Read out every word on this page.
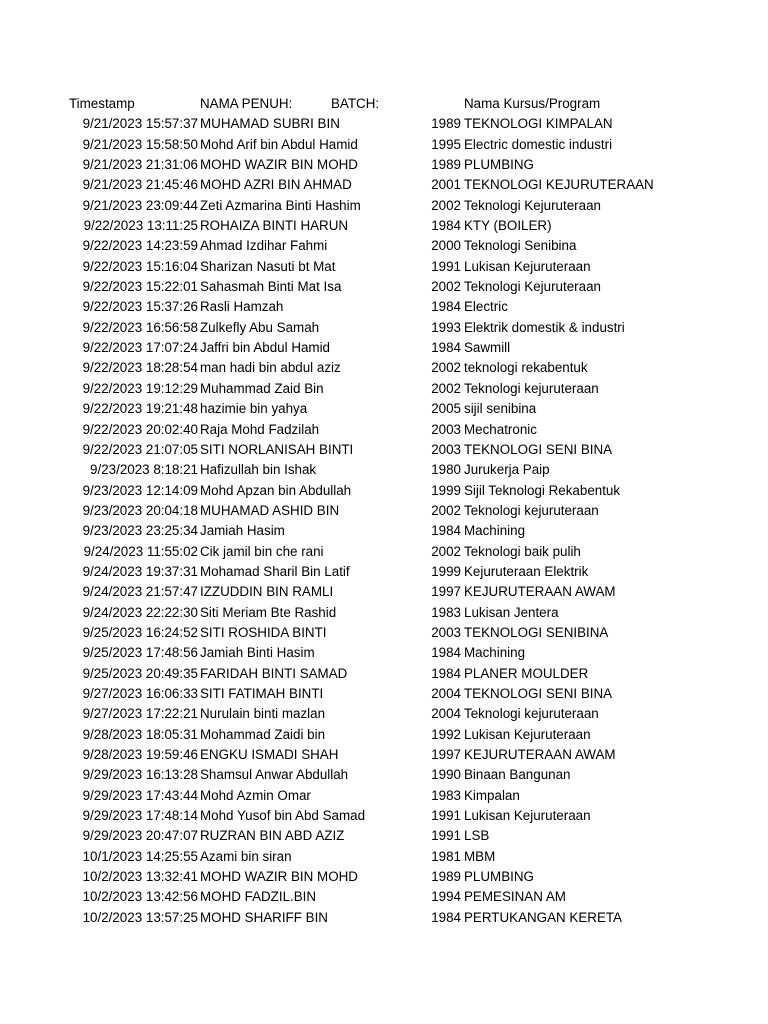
Timestamp	NAMA PENUH:	BATCH:	Nama Kursus/Program
9/21/2023 15:57:37 MUHAMAD SUBRI BIN	1989 TEKNOLOGI KIMPALAN
9/21/2023 15:58:50 Mohd Arif bin Abdul Hamid	1995 Electric domestic industri
9/21/2023 21:31:06 MOHD WAZIR BIN MOHD	1989 PLUMBING
9/21/2023 21:45:46 MOHD AZRI BIN AHMAD	2001 TEKNOLOGI KEJURUTERAAN
9/21/2023 23:09:44 Zeti Azmarina Binti Hashim	2002 Teknologi Kejuruteraan
9/22/2023 13:11:25 ROHAIZA BINTI HARUN	1984 KTY (BOILER)
9/22/2023 14:23:59 Ahmad Izdihar Fahmi	2000 Teknologi Senibina
9/22/2023 15:16:04 Sharizan Nasuti bt Mat	1991 Lukisan Kejuruteraan
9/22/2023 15:22:01 Sahasmah Binti Mat Isa	2002 Teknologi Kejuruteraan
9/22/2023 15:37:26 Rasli Hamzah	1984 Electric
9/22/2023 16:56:58 Zulkefly Abu Samah	1993 Elektrik domestik & industri
9/22/2023 17:07:24 Jaffri bin Abdul Hamid	1984 Sawmill
9/22/2023 18:28:54 man hadi bin abdul aziz	2002 teknologi rekabentuk
9/22/2023 19:12:29 Muhammad Zaid Bin	2002 Teknologi kejuruteraan
9/22/2023 19:21:48 hazimie bin yahya	2005 sijil senibina
9/22/2023 20:02:40 Raja Mohd Fadzilah	2003 Mechatronic
9/22/2023 21:07:05 SITI NORLANISAH BINTI	2003 TEKNOLOGI SENI BINA
9/23/2023 8:18:21 Hafizullah bin Ishak	1980 Jurukerja Paip
9/23/2023 12:14:09 Mohd Apzan bin Abdullah	1999 Sijil Teknologi Rekabentuk
9/23/2023 20:04:18 MUHAMAD ASHID BIN	2002 Teknologi kejuruteraan
9/23/2023 23:25:34 Jamiah Hasim	1984 Machining
9/24/2023 11:55:02 Cik jamil bin che rani	2002 Teknologi baik pulih
9/24/2023 19:37:31 Mohamad Sharil Bin Latif	1999 Kejuruteraan Elektrik
9/24/2023 21:57:47 IZZUDDIN BIN RAMLI	1997 KEJURUTERAAN AWAM
9/24/2023 22:22:30 Siti Meriam Bte Rashid	1983 Lukisan Jentera
9/25/2023 16:24:52 SITI ROSHIDA BINTI	2003 TEKNOLOGI SENIBINA
9/25/2023 17:48:56 Jamiah Binti Hasim	1984 Machining
9/25/2023 20:49:35 FARIDAH BINTI SAMAD	1984 PLANER MOULDER
9/27/2023 16:06:33 SITI FATIMAH BINTI	2004 TEKNOLOGI SENI BINA
9/27/2023 17:22:21 Nurulain binti mazlan	2004 Teknologi kejuruteraan
9/28/2023 18:05:31 Mohammad Zaidi bin	1992 Lukisan Kejuruteraan
9/28/2023 19:59:46 ENGKU ISMADI SHAH	1997 KEJURUTERAAN AWAM
9/29/2023 16:13:28 Shamsul Anwar Abdullah	1990 Binaan Bangunan
9/29/2023 17:43:44 Mohd Azmin Omar	1983 Kimpalan
9/29/2023 17:48:14 Mohd Yusof bin Abd Samad	1991 Lukisan Kejuruteraan
9/29/2023 20:47:07 RUZRAN BIN ABD AZIZ	1991 LSB
10/1/2023 14:25:55 Azami bin siran	1981 MBM
10/2/2023 13:32:41 MOHD WAZIR BIN MOHD	1989 PLUMBING
10/2/2023 13:42:56 MOHD FADZIL.BIN	1994 PEMESINAN AM
10/2/2023 13:57:25 MOHD SHARIFF BIN	1984 PERTUKANGAN KERETA
